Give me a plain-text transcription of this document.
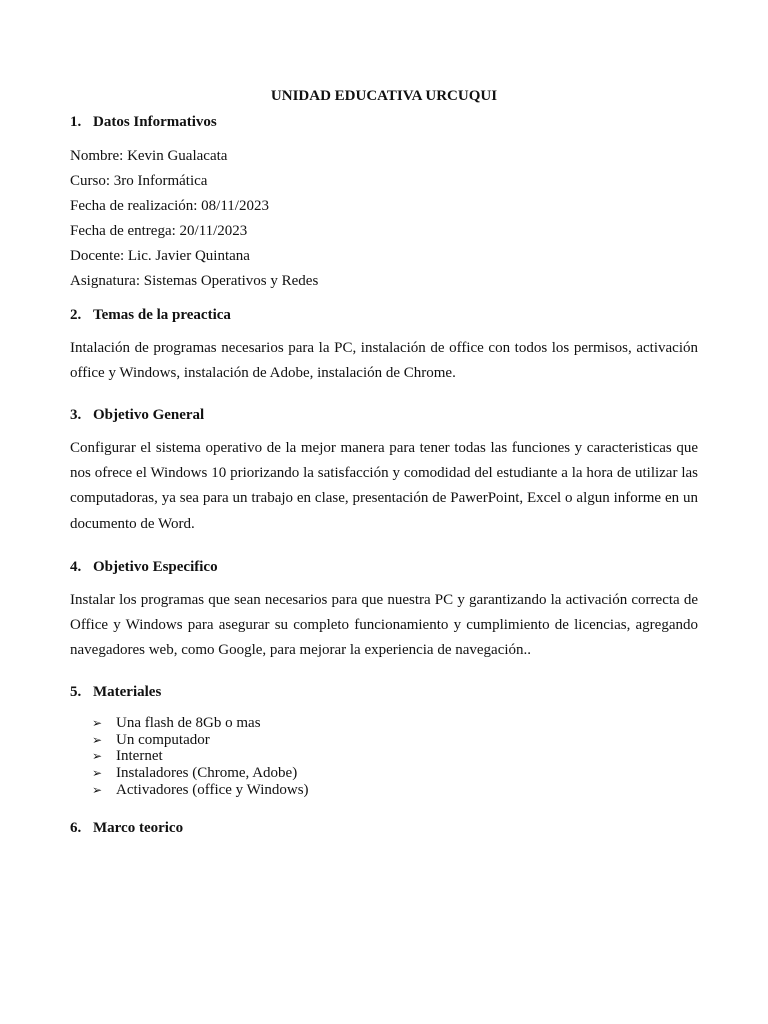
UNIDAD EDUCATIVA URCUQUI
1. Datos Informativos
Nombre: Kevin Gualacata
Curso: 3ro Informática
Fecha de realización: 08/11/2023
Fecha de entrega: 20/11/2023
Docente: Lic. Javier Quintana
Asignatura: Sistemas Operativos y Redes
2. Temas de la preactica
Intalación de programas necesarios para la PC, instalación de office con todos los permisos, activación office y Windows, instalación de Adobe, instalación de Chrome.
3. Objetivo General
Configurar el sistema operativo de la mejor manera para tener todas las funciones y caracteristicas que nos ofrece el Windows 10 priorizando la satisfacción y comodidad del estudiante a la hora de utilizar las computadoras, ya sea para un trabajo en clase, presentación de PawerPoint, Excel o algun informe en un documento de Word.
4. Objetivo Especifico
Instalar los programas que sean necesarios para que nuestra PC y garantizando la activación correcta de Office y Windows para asegurar su completo funcionamiento y cumplimiento de licencias, agregando navegadores web, como Google, para mejorar la experiencia de navegación..
5. Materiales
➢ Una flash de 8Gb o mas
➢ Un computador
➢ Internet
➢ Instaladores (Chrome, Adobe)
➢ Activadores (office y Windows)
6. Marco teorico
